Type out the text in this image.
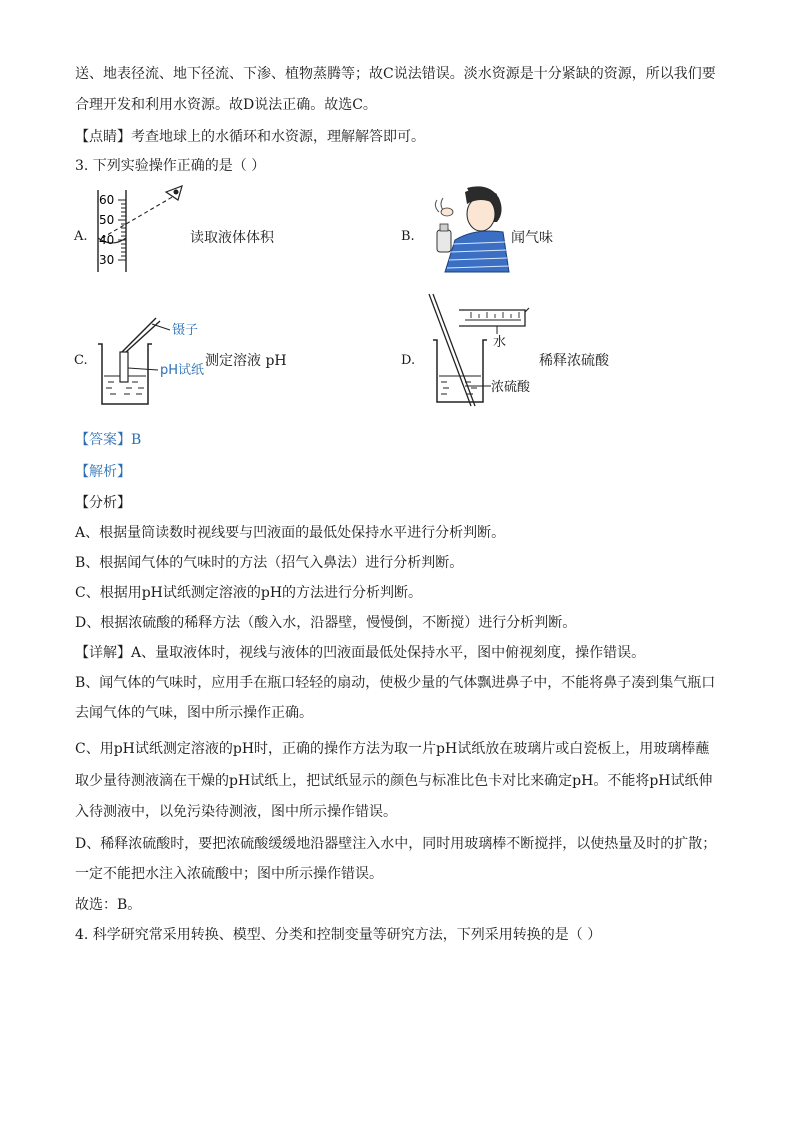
送、地表径流、地下径流、下渗、植物蒸腾等；故C说法错误。淡水资源是十分紧缺的资源，所以我们要
合理开发和利用水资源。故D说法正确。故选C。
【点睛】考查地球上的水循环和水资源，理解解答即可。
3. 下列实验操作正确的是（ ）
A.
60
50
40
30
读取液体体积	B.	闻气味
C.
镊子
pH试纸
测定溶液 pH	D.
水
浓硫酸
稀释浓硫酸
【答案】B
【解析】
【分析】
A、根据量筒读数时视线要与凹液面的最低处保持水平进行分析判断。
B、根据闻气体的气味时的方法（招气入鼻法）进行分析判断。
C、根据用pH试纸测定溶液的pH的方法进行分析判断。
D、根据浓硫酸的稀释方法（酸入水，沿器壁，慢慢倒，不断搅）进行分析判断。
【详解】A、量取液体时，视线与液体的凹液面最低处保持水平，图中俯视刻度，操作错误。
B、闻气体的气味时，应用手在瓶口轻轻的扇动，使极少量的气体飘进鼻子中，不能将鼻子凑到集气瓶口
去闻气体的气味，图中所示操作正确。
C、用pH试纸测定溶液的pH时，正确的操作方法为取一片pH试纸放在玻璃片或白瓷板上，用玻璃棒蘸
取少量待测液滴在干燥的pH试纸上，把试纸显示的颜色与标准比色卡对比来确定pH。不能将pH试纸伸
入待测液中，以免污染待测液，图中所示操作错误。
D、稀释浓硫酸时，要把浓硫酸缓缓地沿器壁注入水中，同时用玻璃棒不断搅拌，以使热量及时的扩散；
一定不能把水注入浓硫酸中；图中所示操作错误。
故选：B。
4. 科学研究常采用转换、模型、分类和控制变量等研究方法，下列采用转换的是（ ）
